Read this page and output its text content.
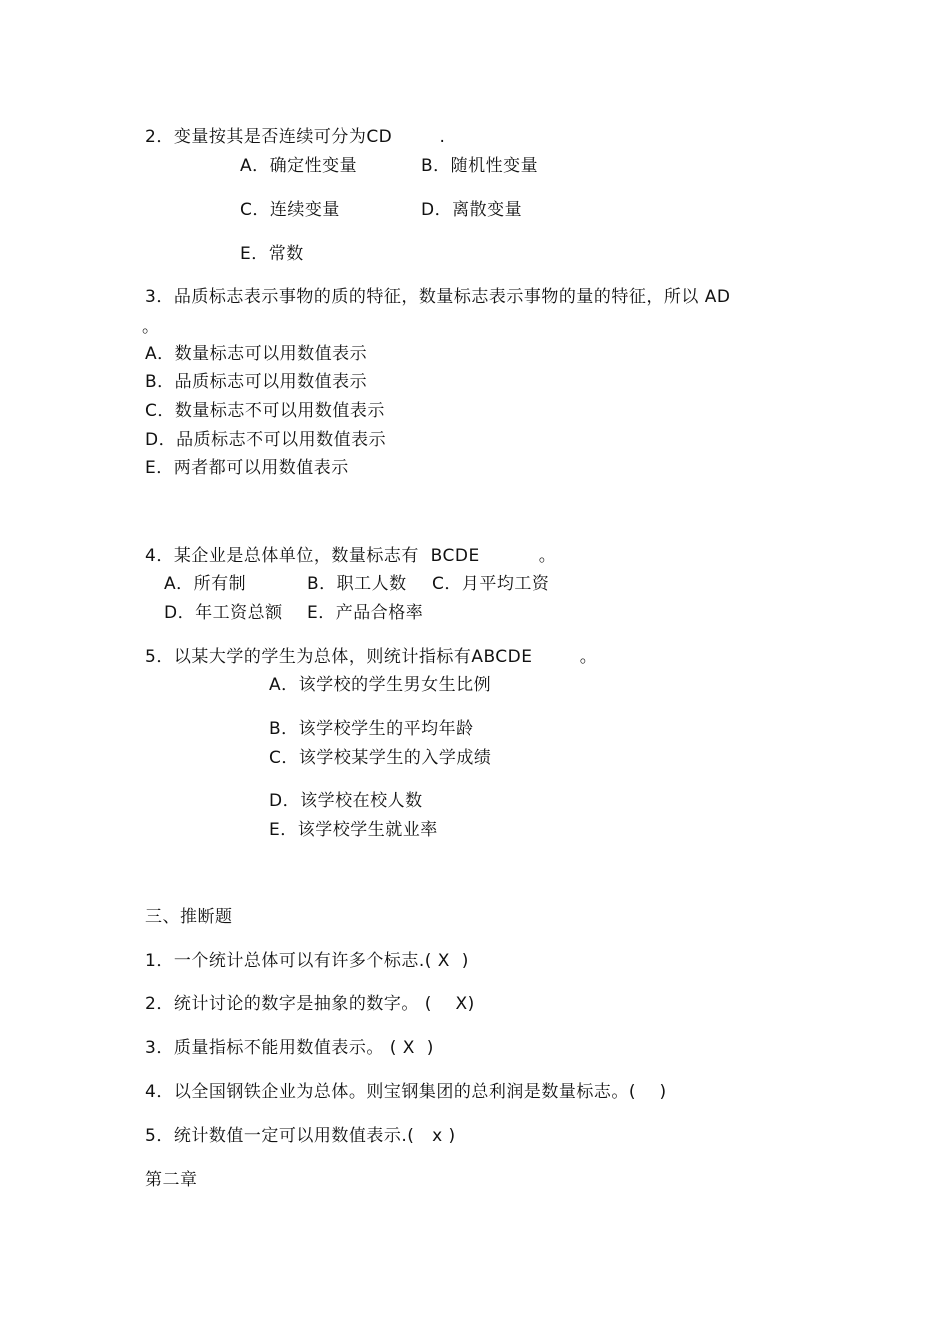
2．变量按其是否连续可分为CD        .

A．确定性变量	B．随机性变量

C．连续变量	D．离散变量

E．常数

3．品质标志表示事物的质的特征，数量标志表示事物的量的特征，所以 AD

。

A．数量标志可以用数值表示

B．品质标志可以用数值表示

C．数量标志不可以用数值表示

D．品质标志不可以用数值表示

E．两者都可以用数值表示

4．某企业是总体单位，数量标志有  BCDE          。

A．所有制	B．职工人数 C．月平均工资

D．年工资总额 E．产品合格率

5．以某大学的学生为总体，则统计指标有ABCDE        。

A．该学校的学生男女生比例

B．该学校学生的平均年龄

C．该学校某学生的入学成绩

D．该学校在校人数

E．该学校学生就业率

三、推断题

1．一个统计总体可以有许多个标志.( X  )

2．统计讨论的数字是抽象的数字。 (    X)

3．质量指标不能用数值表示。 ( X  )

4．以全国钢铁企业为总体。则宝钢集团的总利润是数量标志。(    )

5．统计数值一定可以用数值表示.(   x )

第二章
